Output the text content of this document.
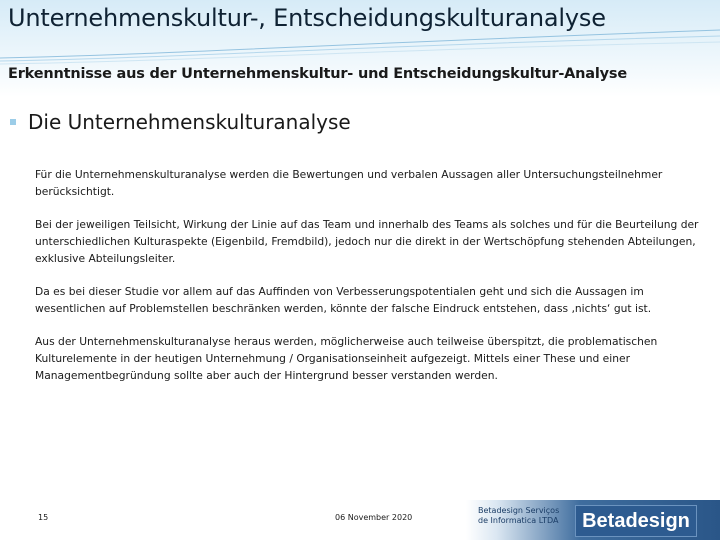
Unternehmenskultur-, Entscheidungskulturanalyse
Erkenntnisse aus der Unternehmenskultur- und Entscheidungskultur-Analyse
Die Unternehmenskulturanalyse

Für die Unternehmenskulturanalyse werden die Bewertungen und verbalen Aussagen aller Untersuchungsteilnehmer berücksichtigt.

Bei der jeweiligen Teilsicht, Wirkung der Linie auf das Team und innerhalb des Teams als solches und für die Beurteilung der unterschiedlichen Kulturaspekte (Eigenbild, Fremdbild), jedoch nur die direkt in der Wertschöpfung stehenden Abteilungen, exklusive Abteilungsleiter.

Da es bei dieser Studie vor allem auf das Auffinden von Verbesserungspotentialen geht und sich die Aussagen im wesentlichen auf Problemstellen beschränken werden, könnte der falsche Eindruck entstehen, dass ‚nichts‘ gut ist.

Aus der Unternehmenskulturanalyse heraus werden, möglicherweise auch teilweise überspitzt, die problematischen Kulturelemente in der heutigen Unternehmung / Organisationseinheit aufgezeigt. Mittels einer These und einer Managementbegründung sollte aber auch der Hintergrund besser verstanden werden.

15	06 November 2020
Betadesign Serviços
de Informatica LTDA	Betadesign
